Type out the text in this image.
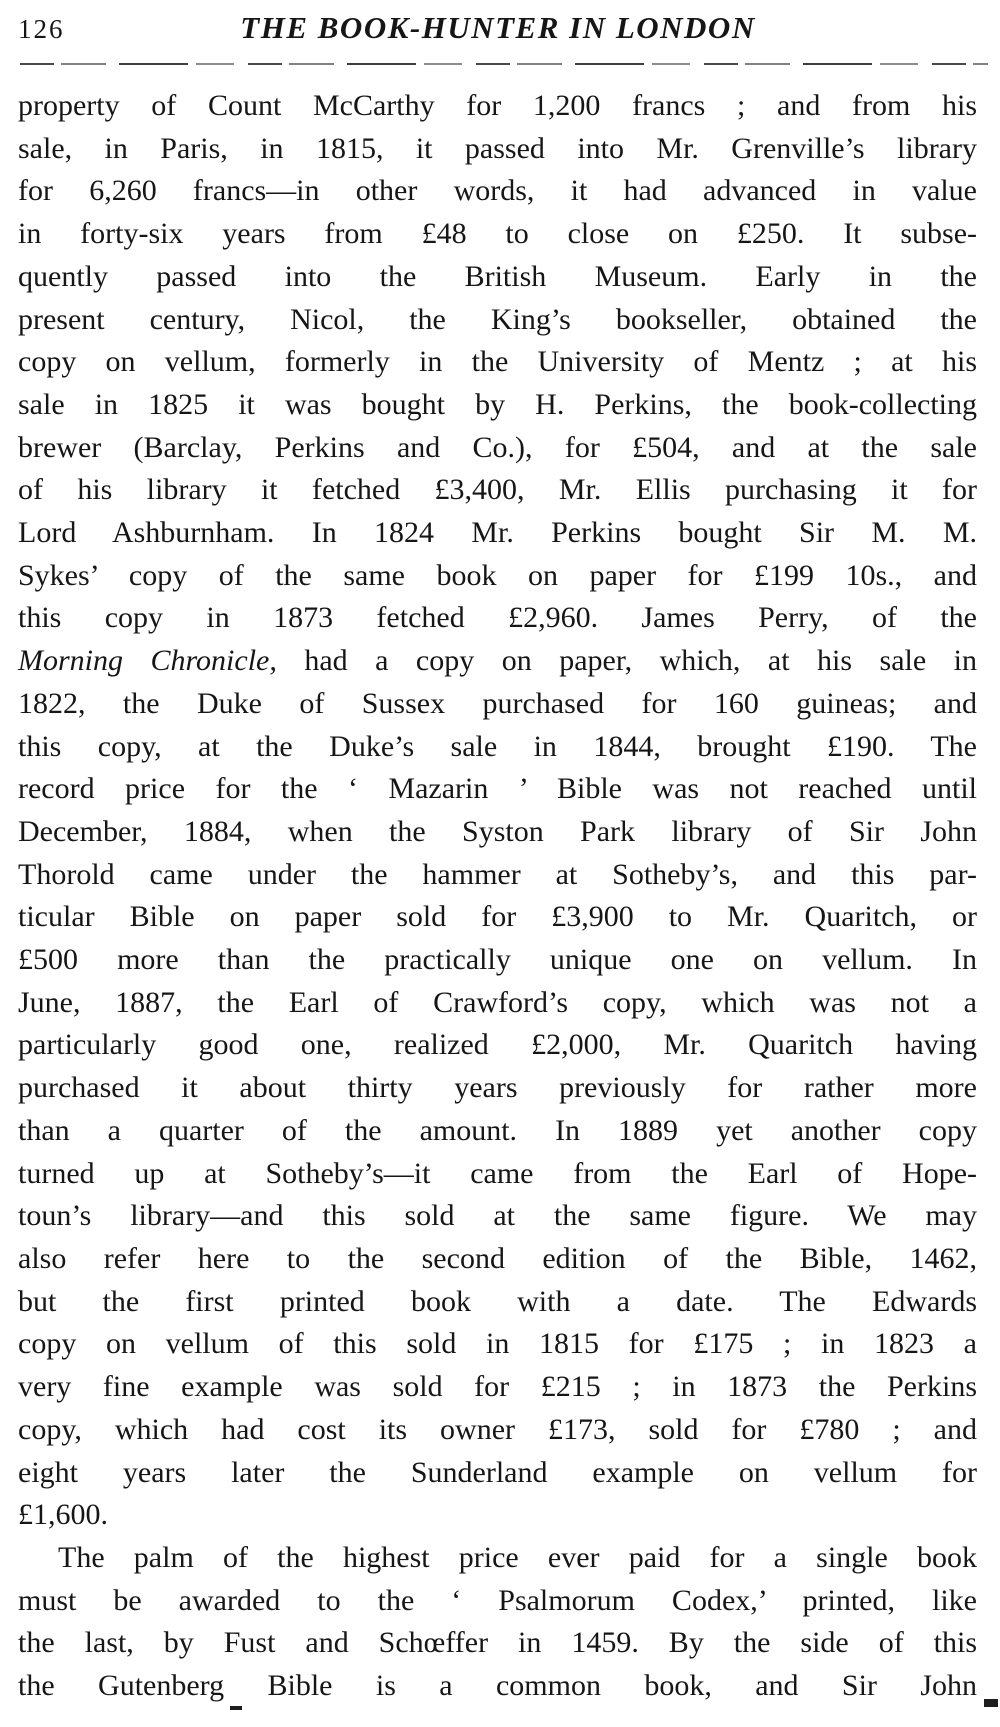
126	THE BOOK-HUNTER IN LONDON
property of Count McCarthy for 1,200 francs ; and from his
sale, in Paris, in 1815, it passed into Mr. Grenville’s library
for 6,260 francs—in other words, it had advanced in value
in forty-six years from £48 to close on £250. It subse-
quently passed into the British Museum. Early in the
present century, Nicol, the King’s bookseller, obtained the
copy on vellum, formerly in the University of Mentz ; at his
sale in 1825 it was bought by H. Perkins, the book-collecting
brewer (Barclay, Perkins and Co.), for £504, and at the sale
of his library it fetched £3,400, Mr. Ellis purchasing it for
Lord Ashburnham. In 1824 Mr. Perkins bought Sir M. M.
Sykes’ copy of the same book on paper for £199 10s., and
this copy in 1873 fetched £2,960. James Perry, of the
Morning Chronicle, had a copy on paper, which, at his sale in
1822, the Duke of Sussex purchased for 160 guineas; and
this copy, at the Duke’s sale in 1844, brought £190. The
record price for the ‘ Mazarin ’ Bible was not reached until
December, 1884, when the Syston Park library of Sir John
Thorold came under the hammer at Sotheby’s, and this par-
ticular Bible on paper sold for £3,900 to Mr. Quaritch, or
£500 more than the practically unique one on vellum. In
June, 1887, the Earl of Crawford’s copy, which was not a
particularly good one, realized £2,000, Mr. Quaritch having
purchased it about thirty years previously for rather more
than a quarter of the amount. In 1889 yet another copy
turned up at Sotheby’s—it came from the Earl of Hope-
toun’s library—and this sold at the same figure. We may
also refer here to the second edition of the Bible, 1462,
but the first printed book with a date. The Edwards
copy on vellum of this sold in 1815 for £175 ; in 1823 a
very fine example was sold for £215 ; in 1873 the Perkins
copy, which had cost its owner £173, sold for £780 ; and
eight years later the Sunderland example on vellum for
£1,600.
The palm of the highest price ever paid for a single book
must be awarded to the ‘ Psalmorum Codex,’ printed, like
the last, by Fust and Schœffer in 1459. By the side of this
the Gutenberg Bible is a common book, and Sir John
